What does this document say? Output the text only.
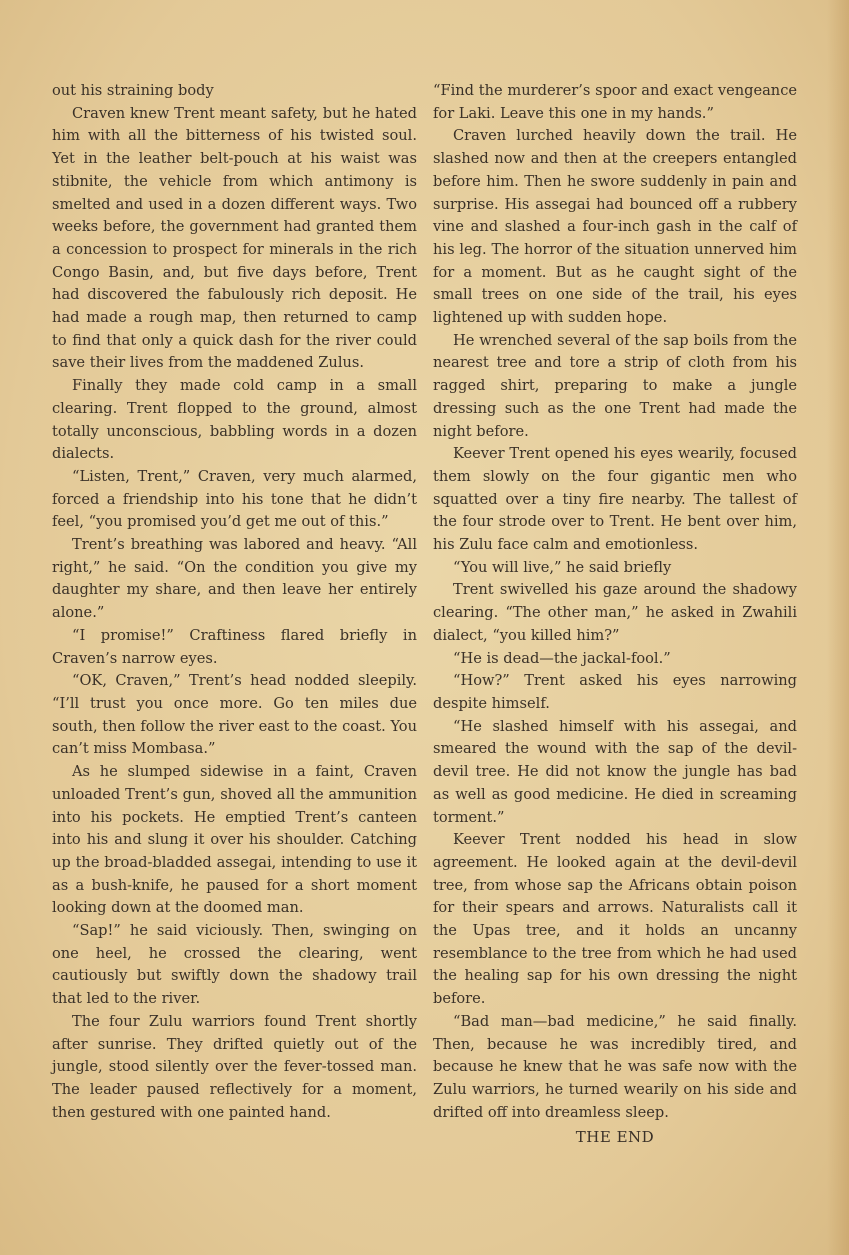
out his straining body

Craven knew Trent meant safety, but he hated him with all the bitterness of his twisted soul. Yet in the leather belt-pouch at his waist was stibnite, the vehicle from which antimony is smelted and used in a dozen different ways. Two weeks before, the government had granted them a concession to prospect for minerals in the rich Congo Basin, and, but five days before, Trent had discovered the fabulously rich deposit. He had made a rough map, then returned to camp to find that only a quick dash for the river could save their lives from the maddened Zulus.

Finally they made cold camp in a small clearing. Trent flopped to the ground, almost totally unconscious, babbling words in a dozen dialects.

“Listen, Trent,” Craven, very much alarmed, forced a friendship into his tone that he didn’t feel, “you promised you’d get me out of this.”

Trent’s breathing was labored and heavy. “All right,” he said. “On the condition you give my daughter my share, and then leave her entirely alone.”

“I promise!” Craftiness flared briefly in Craven’s narrow eyes.

“OK, Craven,” Trent’s head nodded sleepily. “I’ll trust you once more. Go ten miles due south, then follow the river east to the coast. You can’t miss Mombasa.”

As he slumped sidewise in a faint, Craven unloaded Trent’s gun, shoved all the ammunition into his pockets. He emptied Trent’s canteen into his and slung it over his shoulder. Catching up the broad-bladded assegai, intending to use it as a bush-knife, he paused for a short moment looking down at the doomed man.

“Sap!” he said viciously. Then, swinging on one heel, he crossed the clearing, went cautiously but swiftly down the shadowy trail that led to the river.

The four Zulu warriors found Trent shortly after sunrise. They drifted quietly out of the jungle, stood silently over the fever-tossed man. The leader paused reflectively for a moment, then gestured with one painted hand.

“Find the murderer’s spoor and exact vengeance for Laki. Leave this one in my hands.”

Craven lurched heavily down the trail. He slashed now and then at the creepers entangled before him. Then he swore suddenly in pain and surprise. His assegai had bounced off a rubbery vine and slashed a four-inch gash in the calf of his leg. The horror of the situation unnerved him for a moment. But as he caught sight of the small trees on one side of the trail, his eyes lightened up with sudden hope.

He wrenched several of the sap boils from the nearest tree and tore a strip of cloth from his ragged shirt, preparing to make a jungle dressing such as the one Trent had made the night before.

Keever Trent opened his eyes wearily, focused them slowly on the four gigantic men who squatted over a tiny fire nearby. The tallest of the four strode over to Trent. He bent over him, his Zulu face calm and emotionless.

“You will live,” he said briefly

Trent swivelled his gaze around the shadowy clearing. “The other man,” he asked in Zwahili dialect, “you killed him?”

“He is dead—the jackal-fool.”

“How?” Trent asked his eyes narrowing despite himself.

“He slashed himself with his assegai, and smeared the wound with the sap of the devil-devil tree. He did not know the jungle has bad as well as good medicine. He died in screaming torment.”

Keever Trent nodded his head in slow agreement. He looked again at the devil-devil tree, from whose sap the Africans obtain poison for their spears and arrows. Naturalists call it the Upas tree, and it holds an uncanny resemblance to the tree from which he had used the healing sap for his own dressing the night before.

“Bad man—bad medicine,” he said finally. Then, because he was incredibly tired, and because he knew that he was safe now with the Zulu warriors, he turned wearily on his side and drifted off into dreamless sleep.

THE END
